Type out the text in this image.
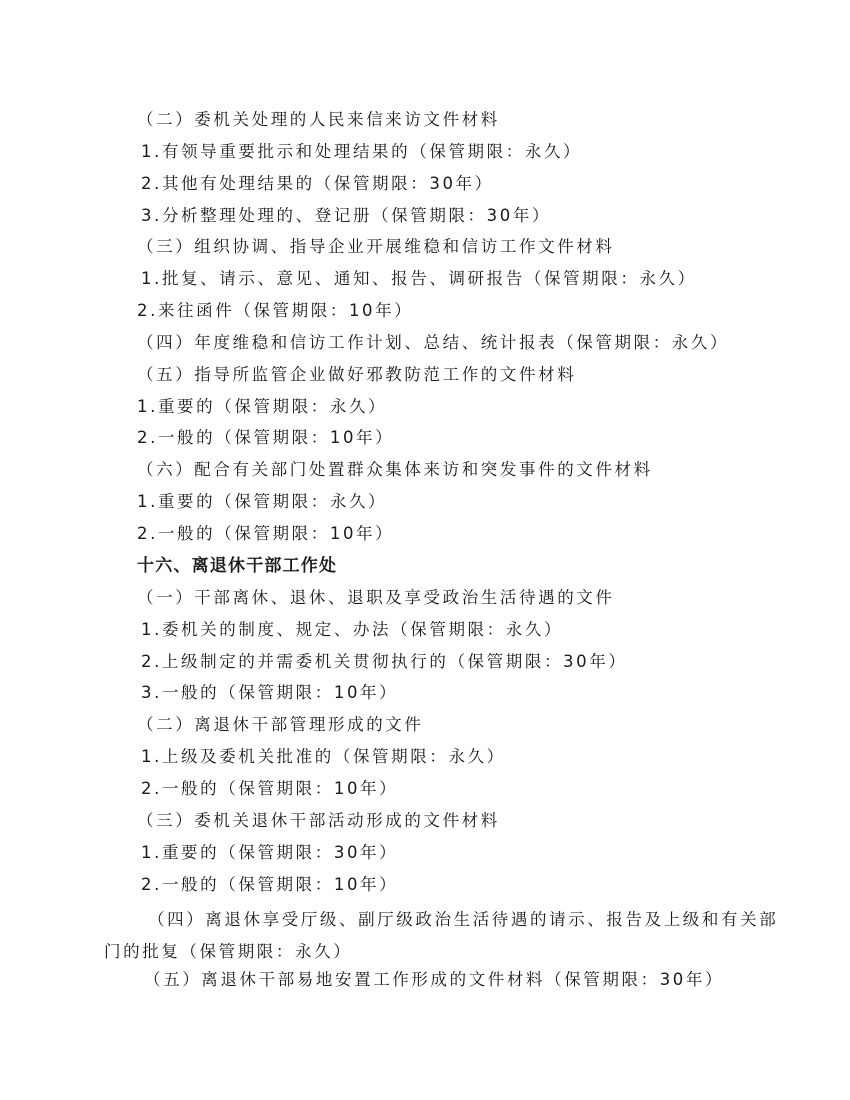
（二）委机关处理的人民来信来访文件材料
1.有领导重要批示和处理结果的（保管期限：永久）
2.其他有处理结果的（保管期限：30年）
3.分析整理处理的、登记册（保管期限：30年）
（三）组织协调、指导企业开展维稳和信访工作文件材料
1.批复、请示、意见、通知、报告、调研报告（保管期限：永久）
2.来往函件（保管期限：10年）
（四）年度维稳和信访工作计划、总结、统计报表（保管期限：永久）
（五）指导所监管企业做好邪教防范工作的文件材料
1.重要的（保管期限：永久）
2.一般的（保管期限：10年）
（六）配合有关部门处置群众集体来访和突发事件的文件材料
1.重要的（保管期限：永久）
2.一般的（保管期限：10年）
十六、离退休干部工作处
（一）干部离休、退休、退职及享受政治生活待遇的文件
1.委机关的制度、规定、办法（保管期限：永久）
2.上级制定的并需委机关贯彻执行的（保管期限：30年）
3.一般的（保管期限：10年）
（二）离退休干部管理形成的文件
1.上级及委机关批准的（保管期限：永久）
2.一般的（保管期限：10年）
（三）委机关退休干部活动形成的文件材料
1.重要的（保管期限：30年）
2.一般的（保管期限：10年）
（四）离退休享受厅级、副厅级政治生活待遇的请示、报告及上级和有关部门的批复（保管期限：永久）
（五）离退休干部易地安置工作形成的文件材料（保管期限：30年）
